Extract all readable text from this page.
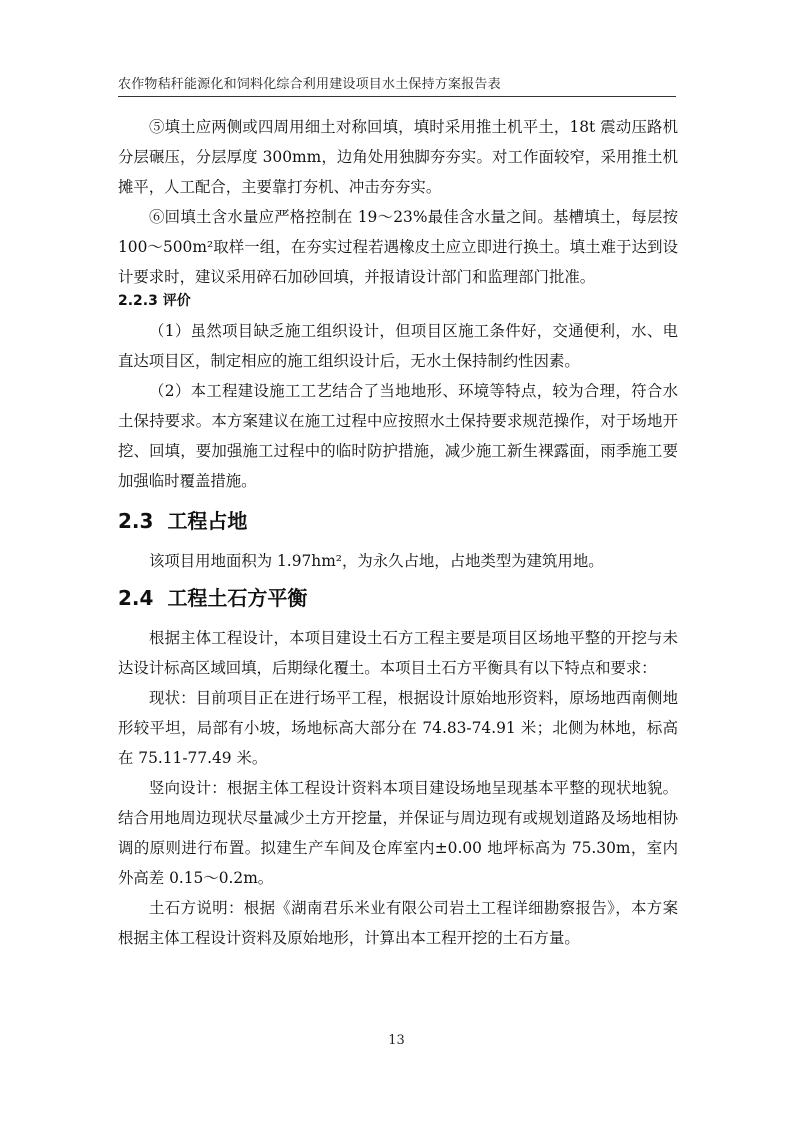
农作物秸秆能源化和饲料化综合利用建设项目水土保持方案报告表

⑤填土应两侧或四周用细土对称回填，填时采用推土机平土，18t 震动压路机分层碾压，分层厚度 300mm，边角处用独脚夯夯实。对工作面较窄，采用推土机摊平，人工配合，主要靠打夯机、冲击夯夯实。

⑥回填土含水量应严格控制在 19～23%最佳含水量之间。基槽填土，每层按 100～500m²取样一组，在夯实过程若遇橡皮土应立即进行换土。填土难于达到设计要求时，建议采用碎石加砂回填，并报请设计部门和监理部门批准。

2.2.3 评价

（1）虽然项目缺乏施工组织设计，但项目区施工条件好，交通便利，水、电直达项目区，制定相应的施工组织设计后，无水土保持制约性因素。

（2）本工程建设施工工艺结合了当地地形、环境等特点，较为合理，符合水土保持要求。本方案建议在施工过程中应按照水土保持要求规范操作，对于场地开挖、回填，要加强施工过程中的临时防护措施，减少施工新生裸露面，雨季施工要加强临时覆盖措施。

2.3 工程占地

该项目用地面积为 1.97hm²，为永久占地，占地类型为建筑用地。

2.4 工程土石方平衡

根据主体工程设计，本项目建设土石方工程主要是项目区场地平整的开挖与未达设计标高区域回填，后期绿化覆土。本项目土石方平衡具有以下特点和要求：

现状：目前项目正在进行场平工程，根据设计原始地形资料，原场地西南侧地形较平坦，局部有小坡，场地标高大部分在 74.83-74.91 米；北侧为林地，标高在 75.11-77.49 米。

竖向设计：根据主体工程设计资料本项目建设场地呈现基本平整的现状地貌。结合用地周边现状尽量减少土方开挖量，并保证与周边现有或规划道路及场地相协调的原则进行布置。拟建生产车间及仓库室内±0.00 地坪标高为 75.30m，室内外高差 0.15～0.2m。

土石方说明：根据《湖南君乐米业有限公司岩土工程详细勘察报告》，本方案根据主体工程设计资料及原始地形，计算出本工程开挖的土石方量。

13
